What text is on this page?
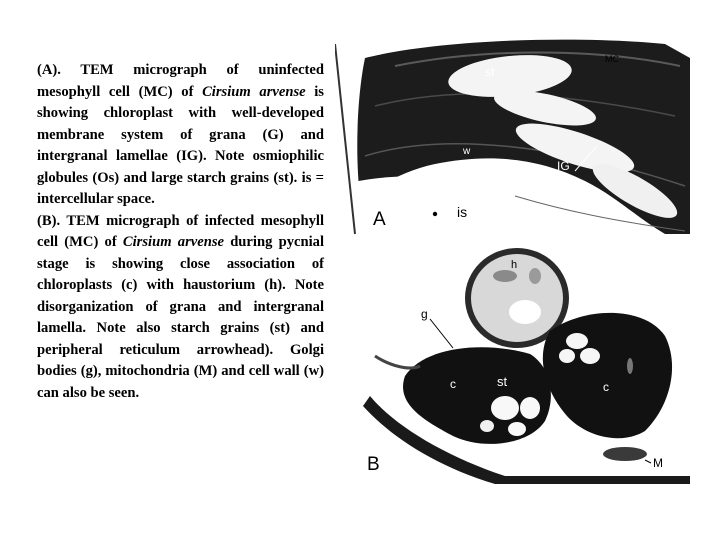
(A). TEM micrograph of uninfected mesophyll cell (MC) of Cirsium arvense is showing chloroplast with well-developed membrane system of grana (G) and intergranal lamellae (IG). Note osmiophilic globules (Os) and large starch grains (st). is = intercellular space.

(B). TEM micrograph of infected mesophyll cell (MC) of Cirsium arvense during pycnial stage is showing close association of chloroplasts (c) with haustorium (h). Note disorganization of grana and intergranal lamella. Note also starch grains (st) and peripheral reticulum arrowhead). Golgi bodies (g), mitochondria (M) and cell wall (w) can also be seen.

st
MC
w
IG
is
A
h
g
st
c	c
M
B
